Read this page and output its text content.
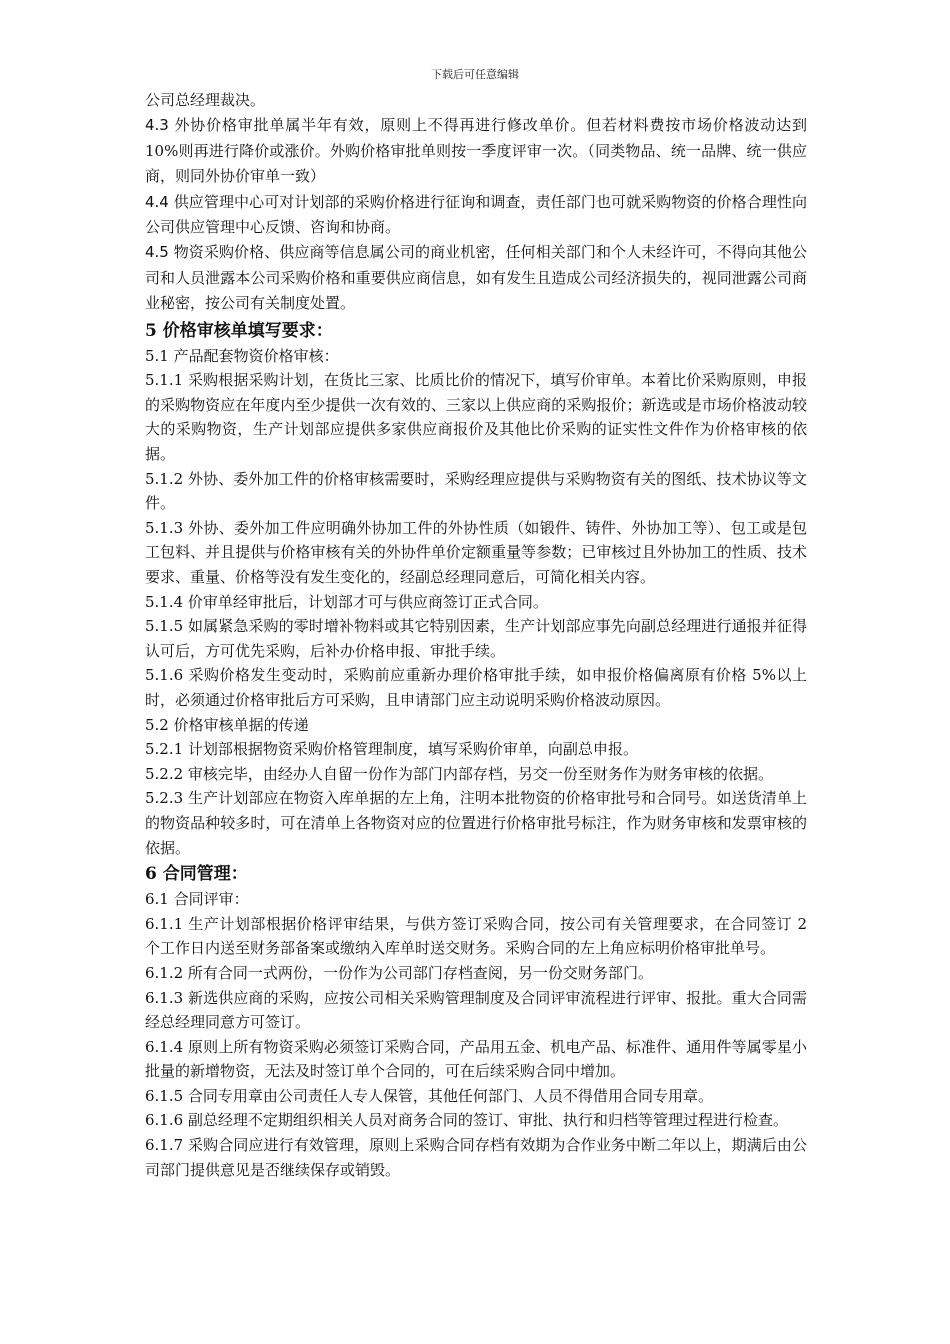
下载后可任意编辑

公司总经理裁决。

4.3 外协价格审批单属半年有效，原则上不得再进行修改单价。但若材料费按市场价格波动达到 10%则再进行降价或涨价。外购价格审批单则按一季度评审一次。（同类物品、统一品牌、统一供应商，则同外协价审单一致）

4.4 供应管理中心可对计划部的采购价格进行征询和调查，责任部门也可就采购物资的价格合理性向公司供应管理中心反馈、咨询和协商。

4.5 物资采购价格、供应商等信息属公司的商业机密，任何相关部门和个人未经许可，不得向其他公司和人员泄露本公司采购价格和重要供应商信息，如有发生且造成公司经济损失的，视同泄露公司商业秘密，按公司有关制度处置。

5 价格审核单填写要求：

5.1 产品配套物资价格审核：

5.1.1 采购根据采购计划，在货比三家、比质比价的情况下，填写价审单。本着比价采购原则，申报的采购物资应在年度内至少提供一次有效的、三家以上供应商的采购报价；新选或是市场价格波动较大的采购物资，生产计划部应提供多家供应商报价及其他比价采购的证实性文件作为价格审核的依据。

5.1.2 外协、委外加工件的价格审核需要时，采购经理应提供与采购物资有关的图纸、技术协议等文件。

5.1.3 外协、委外加工件应明确外协加工件的外协性质（如锻件、铸件、外协加工等）、包工或是包工包料、并且提供与价格审核有关的外协件单价定额重量等参数；已审核过且外协加工的性质、技术要求、重量、价格等没有发生变化的，经副总经理同意后，可简化相关内容。

5.1.4 价审单经审批后，计划部才可与供应商签订正式合同。

5.1.5 如属紧急采购的零时增补物料或其它特别因素，生产计划部应事先向副总经理进行通报并征得认可后，方可优先采购，后补办价格申报、审批手续。

5.1.6 采购价格发生变动时，采购前应重新办理价格审批手续，如申报价格偏离原有价格 5%以上时，必须通过价格审批后方可采购，且申请部门应主动说明采购价格波动原因。

5.2 价格审核单据的传递

5.2.1 计划部根据物资采购价格管理制度，填写采购价审单，向副总申报。

5.2.2 审核完毕，由经办人自留一份作为部门内部存档，另交一份至财务作为财务审核的依据。

5.2.3 生产计划部应在物资入库单据的左上角，注明本批物资的价格审批号和合同号。如送货清单上的物资品种较多时，可在清单上各物资对应的位置进行价格审批号标注，作为财务审核和发票审核的依据。

6 合同管理：

6.1 合同评审：

6.1.1 生产计划部根据价格评审结果，与供方签订采购合同，按公司有关管理要求，在合同签订 2 个工作日内送至财务部备案或缴纳入库单时送交财务。采购合同的左上角应标明价格审批单号。

6.1.2 所有合同一式两份，一份作为公司部门存档查阅，另一份交财务部门。

6.1.3 新选供应商的采购，应按公司相关采购管理制度及合同评审流程进行评审、报批。重大合同需经总经理同意方可签订。

6.1.4 原则上所有物资采购必须签订采购合同，产品用五金、机电产品、标准件、通用件等属零星小批量的新增物资，无法及时签订单个合同的，可在后续采购合同中增加。

6.1.5 合同专用章由公司责任人专人保管，其他任何部门、人员不得借用合同专用章。

6.1.6 副总经理不定期组织相关人员对商务合同的签订、审批、执行和归档等管理过程进行检查。

6.1.7 采购合同应进行有效管理，原则上采购合同存档有效期为合作业务中断二年以上，期满后由公司部门提供意见是否继续保存或销毁。
